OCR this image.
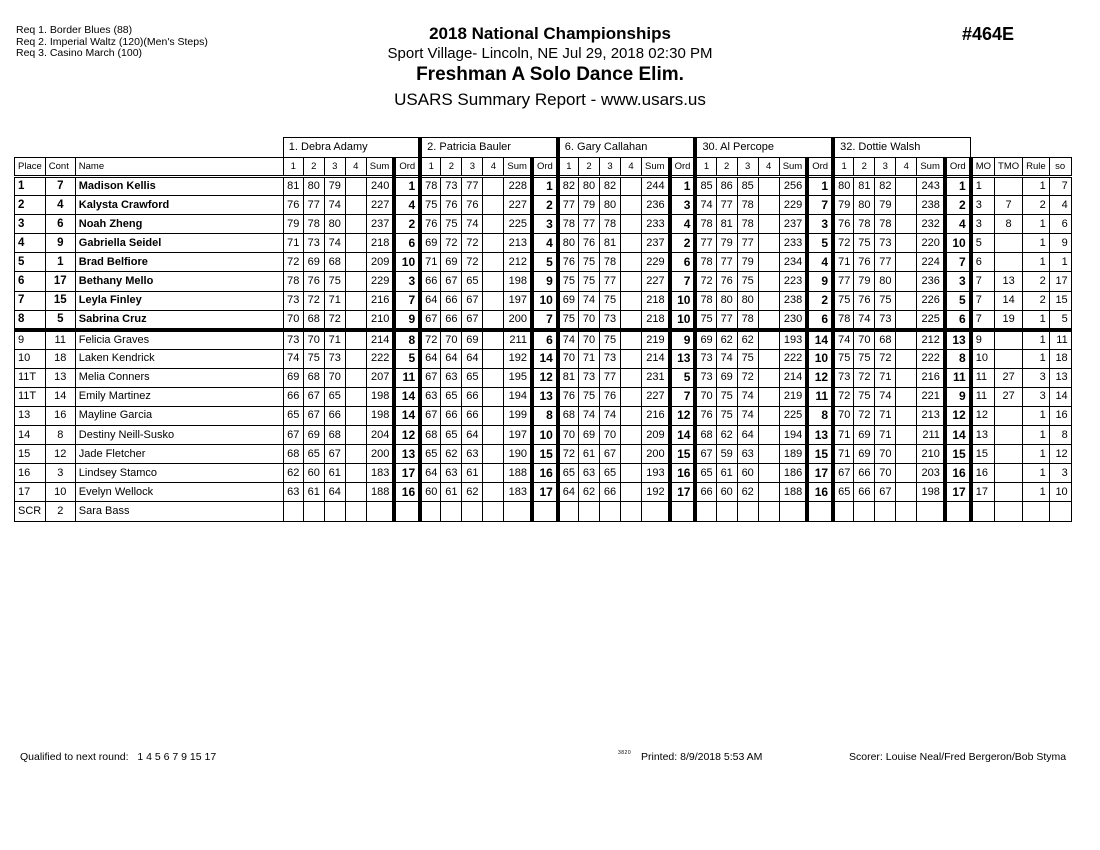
Req 1. Border Blues (88)
Req 2. Imperial Waltz (120)(Men's Steps)
Req 3. Casino March (100)
2018 National Championships
Sport Village- Lincoln, NE Jul 29, 2018 02:30 PM
Freshman A Solo Dance Elim.
USARS Summary Report - www.usars.us
#464E
			1. Debra Adamy						2. Patricia Bauler						6. Gary Callahan						30. Al Percope						32. Dottie Walsh									
Place	Cont	Name	1	2	3	4	Sum	Ord	1	2	3	4	Sum	Ord	1	2	3	4	Sum	Ord	1	2	3	4	Sum	Ord	1	2	3	4	Sum	Ord	MO	TMO	Rule	so
1	7	Madison Kellis	81	80	79		240	1	78	73	77		228	1	82	80	82		244	1	85	86	85		256	1	80	81	82		243	1	1		1	7
2	4	Kalysta Crawford	76	77	74		227	4	75	76	76		227	2	77	79	80		236	3	74	77	78		229	7	79	80	79		238	2	3	7	2	4
3	6	Noah Zheng	79	78	80		237	2	76	75	74		225	3	78	77	78		233	4	78	81	78		237	3	76	78	78		232	4	3	8	1	6
4	9	Gabriella Seidel	71	73	74		218	6	69	72	72		213	4	80	76	81		237	2	77	79	77		233	5	72	75	73		220	10	5		1	9
5	1	Brad Belfiore	72	69	68		209	10	71	69	72		212	5	76	75	78		229	6	78	77	79		234	4	71	76	77		224	7	6		1	1
6	17	Bethany Mello	78	76	75		229	3	66	67	65		198	9	75	75	77		227	7	72	76	75		223	9	77	79	80		236	3	7	13	2	17
7	15	Leyla Finley	73	72	71		216	7	64	66	67		197	10	69	74	75		218	10	78	80	80		238	2	75	76	75		226	5	7	14	2	15
8	5	Sabrina Cruz	70	68	72		210	9	67	66	67		200	7	75	70	73		218	10	75	77	78		230	6	78	74	73		225	6	7	19	1	5
9	11	Felicia Graves	73	70	71		214	8	72	70	69		211	6	74	70	75		219	9	69	62	62		193	14	74	70	68		212	13	9		1	11
10	18	Laken Kendrick	74	75	73		222	5	64	64	64		192	14	70	71	73		214	13	73	74	75		222	10	75	75	72		222	8	10		1	18
11T	13	Melia Conners	69	68	70		207	11	67	63	65		195	12	81	73	77		231	5	73	69	72		214	12	73	72	71		216	11	11	27	3	13
11T	14	Emily Martinez	66	67	65		198	14	63	65	66		194	13	76	75	76		227	7	70	75	74		219	11	72	75	74		221	9	11	27	3	14
13	16	Mayline Garcia	65	67	66		198	14	67	66	66		199	8	68	74	74		216	12	76	75	74		225	8	70	72	71		213	12	12		1	16
14	8	Destiny Neill-Susko	67	69	68		204	12	68	65	64		197	10	70	69	70		209	14	68	62	64		194	13	71	69	71		211	14	13		1	8
15	12	Jade Fletcher	68	65	67		200	13	65	62	63		190	15	72	61	67		200	15	67	59	63		189	15	71	69	70		210	15	15		1	12
16	3	Lindsey Stamco	62	60	61		183	17	64	63	61		188	16	65	63	65		193	16	65	61	60		186	17	67	66	70		203	16	16		1	3
17	10	Evelyn Wellock	63	61	64		188	16	60	61	62		183	17	64	62	66		192	17	66	60	62		188	16	65	66	67		198	17	17		1	10
SCR	2	Sara Bass																																		
Qualified to next round: 1 4 5 6 7 9 15 17	3820 Printed: 8/9/2018 5:53 AM	Scorer: Louise Neal/Fred Bergeron/Bob Styma
